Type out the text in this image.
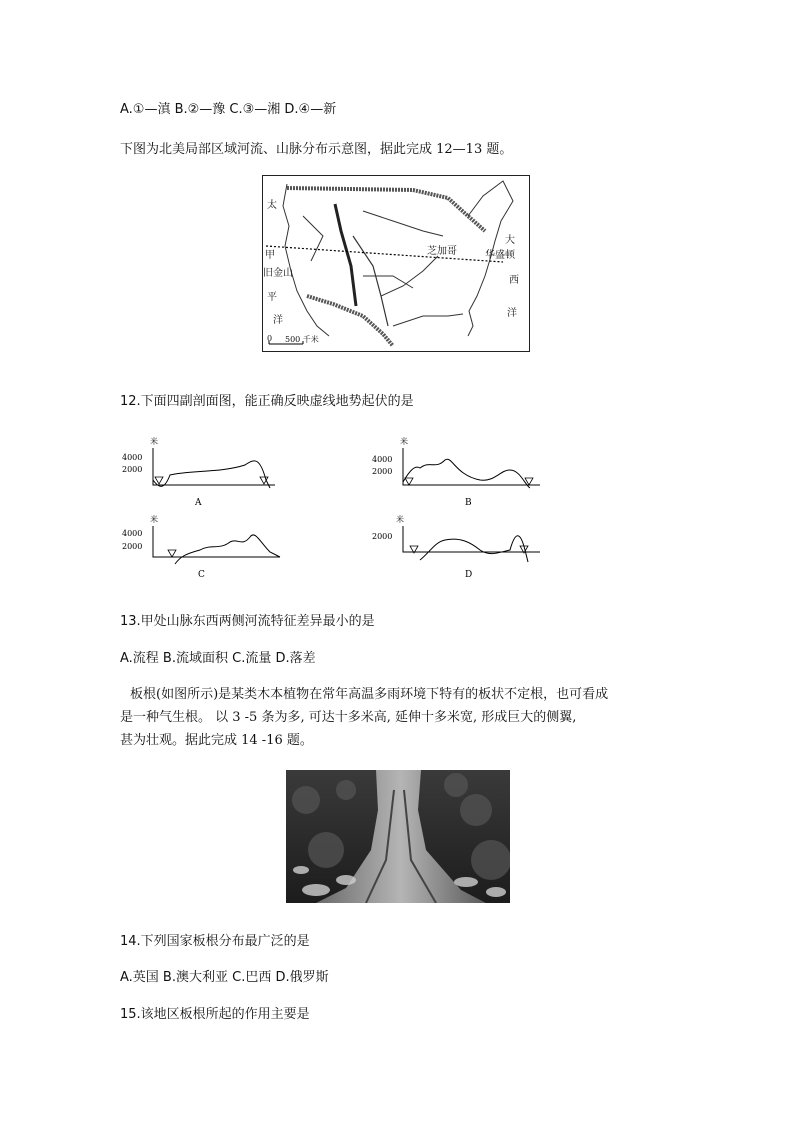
A.①—滇 B.②—豫 C.③—湘 D.④—新
下图为北美局部区域河流、山脉分布示意图，据此完成 12—13 题。
太
甲
旧金山
平
洋
芝加哥	华盛顿
大
西
洋
0 500 千米
12.下面四副剖面图，能正确反映虚线地势起伏的是
米
4000
2000
A
米
4000
2000
B
米
4000
2000
C
米
2000
D
13.甲处山脉东西两侧河流特征差异最小的是
A.流程 B.流域面积 C.流量 D.落差
板根(如图所示)是某类木本植物在常年高温多雨环境下特有的板状不定根，也可看成
是一种气生根。 以 3 -5 条为多, 可达十多米高, 延伸十多米宽, 形成巨大的侧翼,
甚为壮观。据此完成 14 -16 题。
14.下列国家板根分布最广泛的是
A.英国 B.澳大利亚 C.巴西 D.俄罗斯
15.该地区板根所起的作用主要是
